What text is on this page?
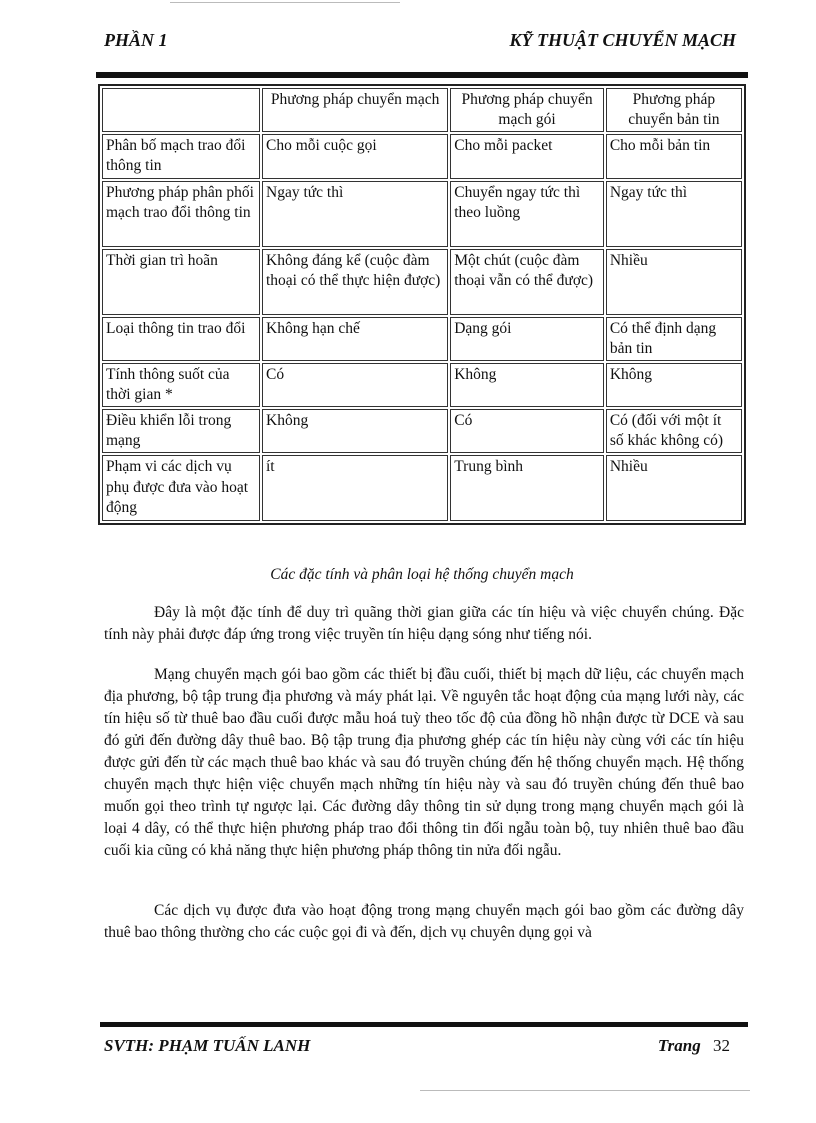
PHẦN 1	KỸ THUẬT CHUYỂN MẠCH
	Phương pháp chuyển mạch	Phương pháp chuyển mạch gói	Phương pháp chuyển bản tin
Phân bố mạch trao đổi thông tin	Cho mỗi cuộc gọi	Cho mỗi packet	Cho mỗi bản tin
Phương pháp phân phối mạch trao đổi thông tin	Ngay tức thì	Chuyển ngay tức thì theo luồng	Ngay tức thì
Thời gian trì hoãn	Không đáng kể (cuộc đàm thoại có thể thực hiện được)	Một chút (cuộc đàm thoại vẫn có thể được)	Nhiều
Loại thông tin trao đổi	Không hạn chế	Dạng gói	Có thể định dạng bản tin
Tính thông suốt của thời gian *	Có	Không	Không
Điều khiển lỗi trong mạng	Không	Có	Có (đối với một ít số khác không có)
Phạm vi các dịch vụ phụ được đưa vào hoạt động	ít	Trung bình	Nhiều
Các đặc tính và phân loại hệ thống chuyển mạch

Đây là một đặc tính để duy trì quãng thời gian giữa các tín hiệu và việc chuyển chúng. Đặc tính này phải được đáp ứng trong việc truyền tín hiệu dạng sóng như tiếng nói.

Mạng chuyển mạch gói bao gồm các thiết bị đầu cuối, thiết bị mạch dữ liệu, các chuyển mạch địa phương, bộ tập trung địa phương và máy phát lại. Về nguyên tắc hoạt động của mạng lưới này, các tín hiệu số từ thuê bao đầu cuối được mẫu hoá tuỳ theo tốc độ của đồng hồ nhận được từ DCE và sau đó gửi đến đường dây thuê bao. Bộ tập trung địa phương ghép các tín hiệu này cùng với các tín hiệu được gửi đến từ các mạch thuê bao khác và sau đó truyền chúng đến hệ thống chuyển mạch. Hệ thống chuyển mạch thực hiện việc chuyển mạch những tín hiệu này và sau đó truyền chúng đến thuê bao muốn gọi theo trình tự ngược lại. Các đường dây thông tin sử dụng trong mạng chuyển mạch gói là loại 4 dây, có thể thực hiện phương pháp trao đổi thông tin đối ngẫu toàn bộ, tuy nhiên thuê bao đầu cuối kia cũng có khả năng thực hiện phương pháp thông tin nửa đối ngẫu.

Các dịch vụ được đưa vào hoạt động trong mạng chuyển mạch gói bao gồm các đường dây thuê bao thông thường cho các cuộc gọi đi và đến, dịch vụ chuyên dụng gọi và

SVTH: PHẠM TUẤN LANH	Trang 32
